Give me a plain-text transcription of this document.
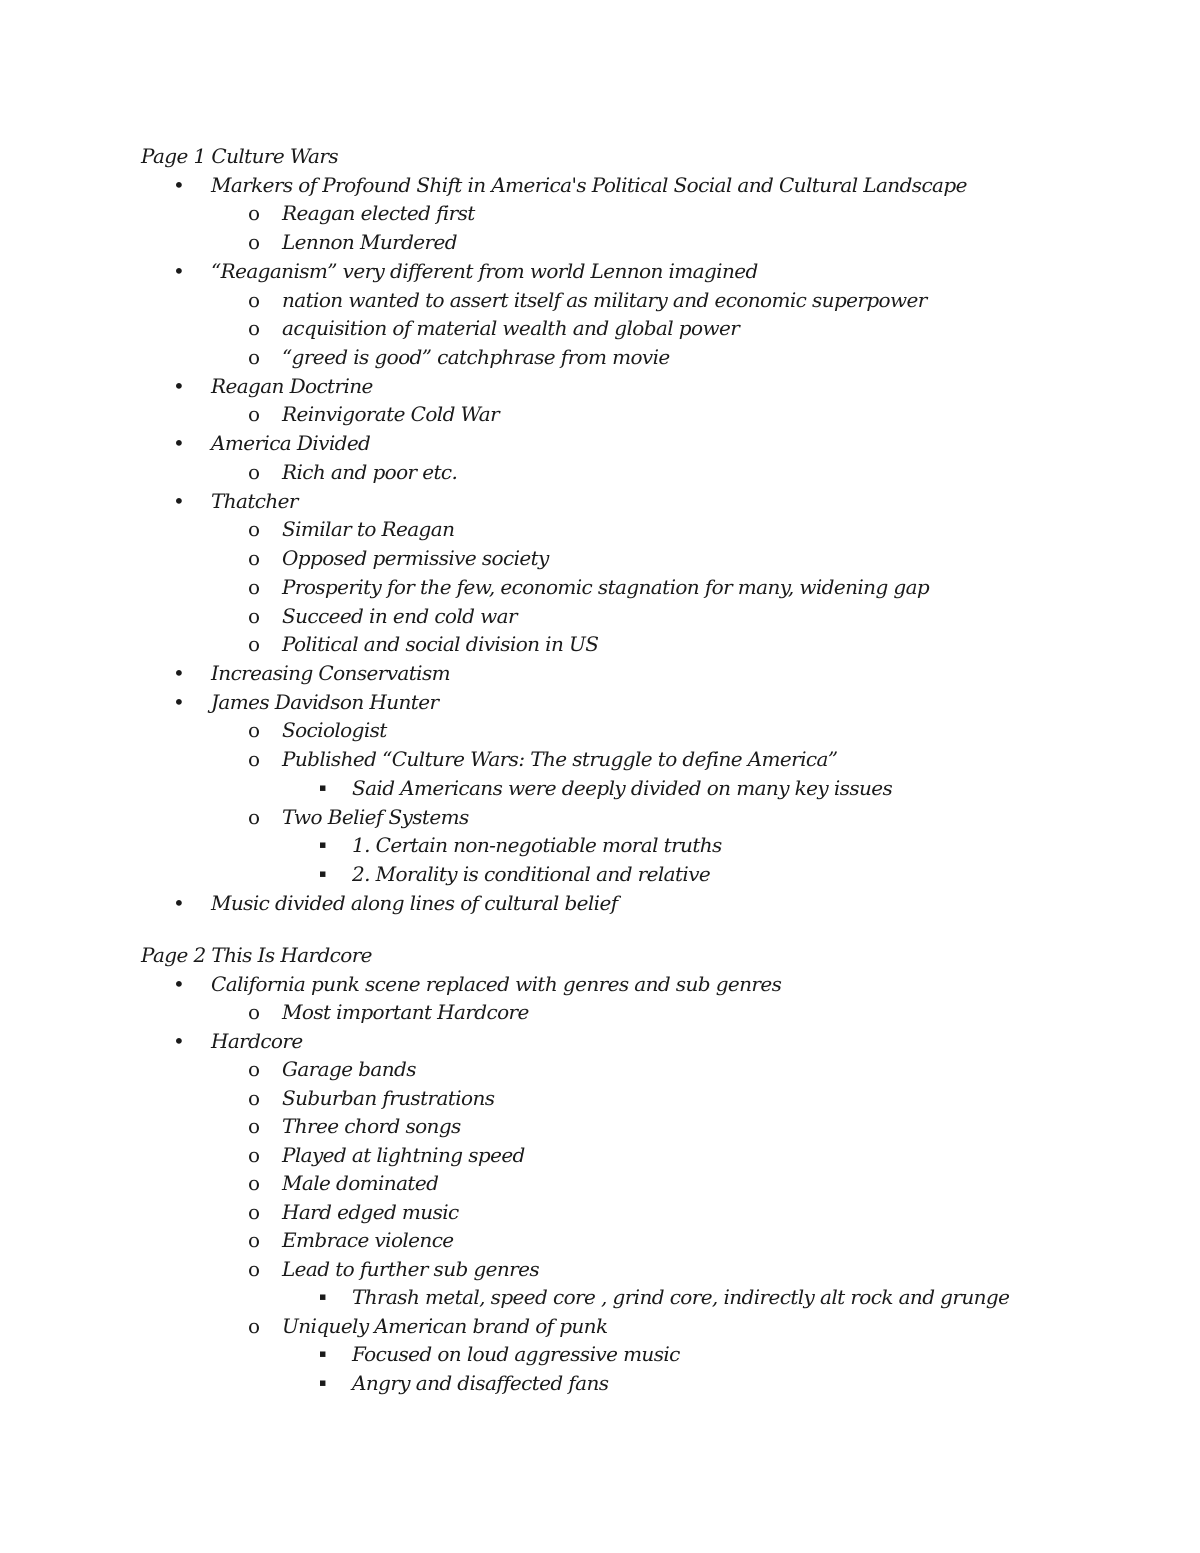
Page 1 Culture Wars
• Markers of Profound Shift in America's Political Social and Cultural Landscape
o Reagan elected first
o Lennon Murdered
• “Reaganism” very different from world Lennon imagined
o nation wanted to assert itself as military and economic superpower
o acquisition of material wealth and global power
o “greed is good” catchphrase from movie
• Reagan Doctrine
o Reinvigorate Cold War
• America Divided
o Rich and poor etc.
• Thatcher
o Similar to Reagan
o Opposed permissive society
o Prosperity for the few, economic stagnation for many, widening gap
o Succeed in end cold war
o Political and social division in US
• Increasing Conservatism
• James Davidson Hunter
o Sociologist
o Published “Culture Wars: The struggle to define America”
▪ Said Americans were deeply divided on many key issues
o Two Belief Systems
▪ 1. Certain non-negotiable moral truths
▪ 2. Morality is conditional and relative
• Music divided along lines of cultural belief
Page 2 This Is Hardcore
• California punk scene replaced with genres and sub genres
o Most important Hardcore
• Hardcore
o Garage bands
o Suburban frustrations
o Three chord songs
o Played at lightning speed
o Male dominated
o Hard edged music
o Embrace violence
o Lead to further sub genres
▪ Thrash metal, speed core , grind core, indirectly alt rock and grunge
o Uniquely American brand of punk
▪ Focused on loud aggressive music
▪ Angry and disaffected fans
